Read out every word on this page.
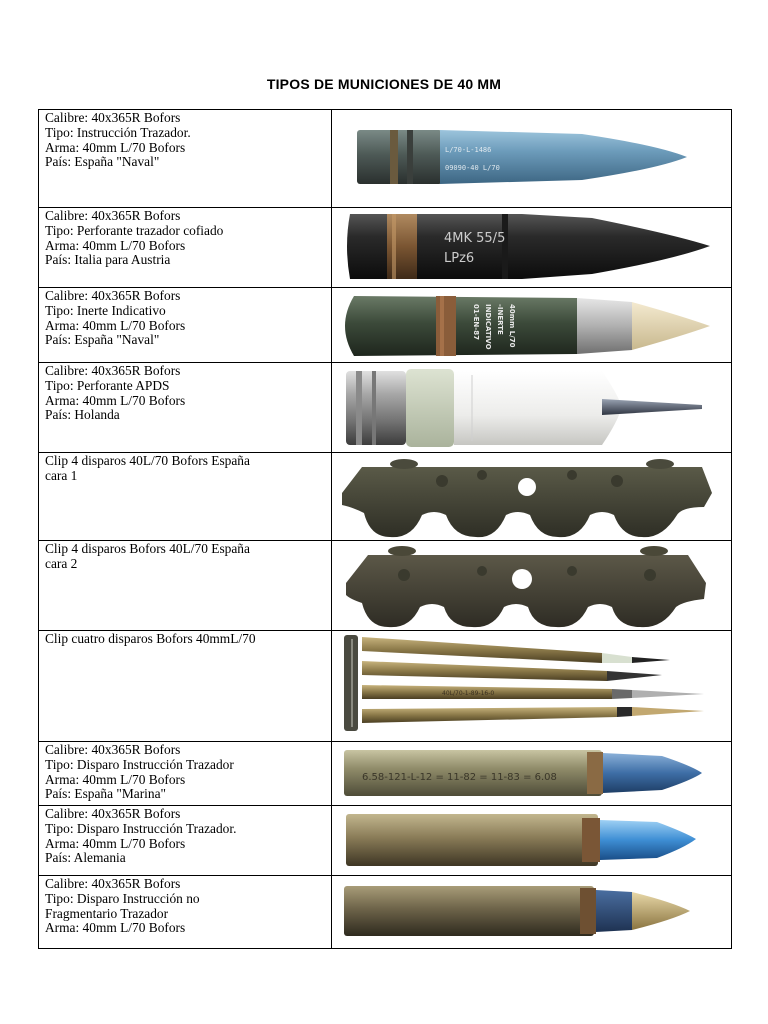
TIPOS DE MUNICIONES DE 40 MM
Calibre: 40x365R Bofors
Tipo: Instrucción Trazador.
Arma: 40mm L/70 Bofors
País: España "Naval"	L/70-L-1486
09090-40 L/70

Calibre: 40x365R Bofors
Tipo: Perforante trazador cofiado
Arma: 40mm L/70 Bofors
País: Italia para Austria	4MK 55/5
LPz6

Calibre: 40x365R Bofors
Tipo: Inerte Indicativo
Arma: 40mm L/70 Bofors
País: España "Naval"	40mm L/70
-INERTE
INDICATIVO
01-EN-87

Calibre: 40x365R Bofors
Tipo: Perforante APDS
Arma: 40mm L/70 Bofors
País: Holanda

Clip 4 disparos 40L/70 Bofors España
cara 1

Clip 4 disparos Bofors 40L/70 España
cara 2

Clip cuatro disparos Bofors 40mmL/70	40L/70-1-89-16-0

Calibre: 40x365R Bofors
Tipo: Disparo Instrucción Trazador
Arma: 40mm L/70 Bofors
País: España "Marina"	6.58-121-L-12 = 11-82 = 11-83 = 6.08

Calibre: 40x365R Bofors
Tipo: Disparo Instrucción Trazador.
Arma: 40mm L/70 Bofors
País: Alemania

Calibre: 40x365R Bofors
Tipo: Disparo Instrucción no
Fragmentario Trazador
Arma: 40mm L/70 Bofors
